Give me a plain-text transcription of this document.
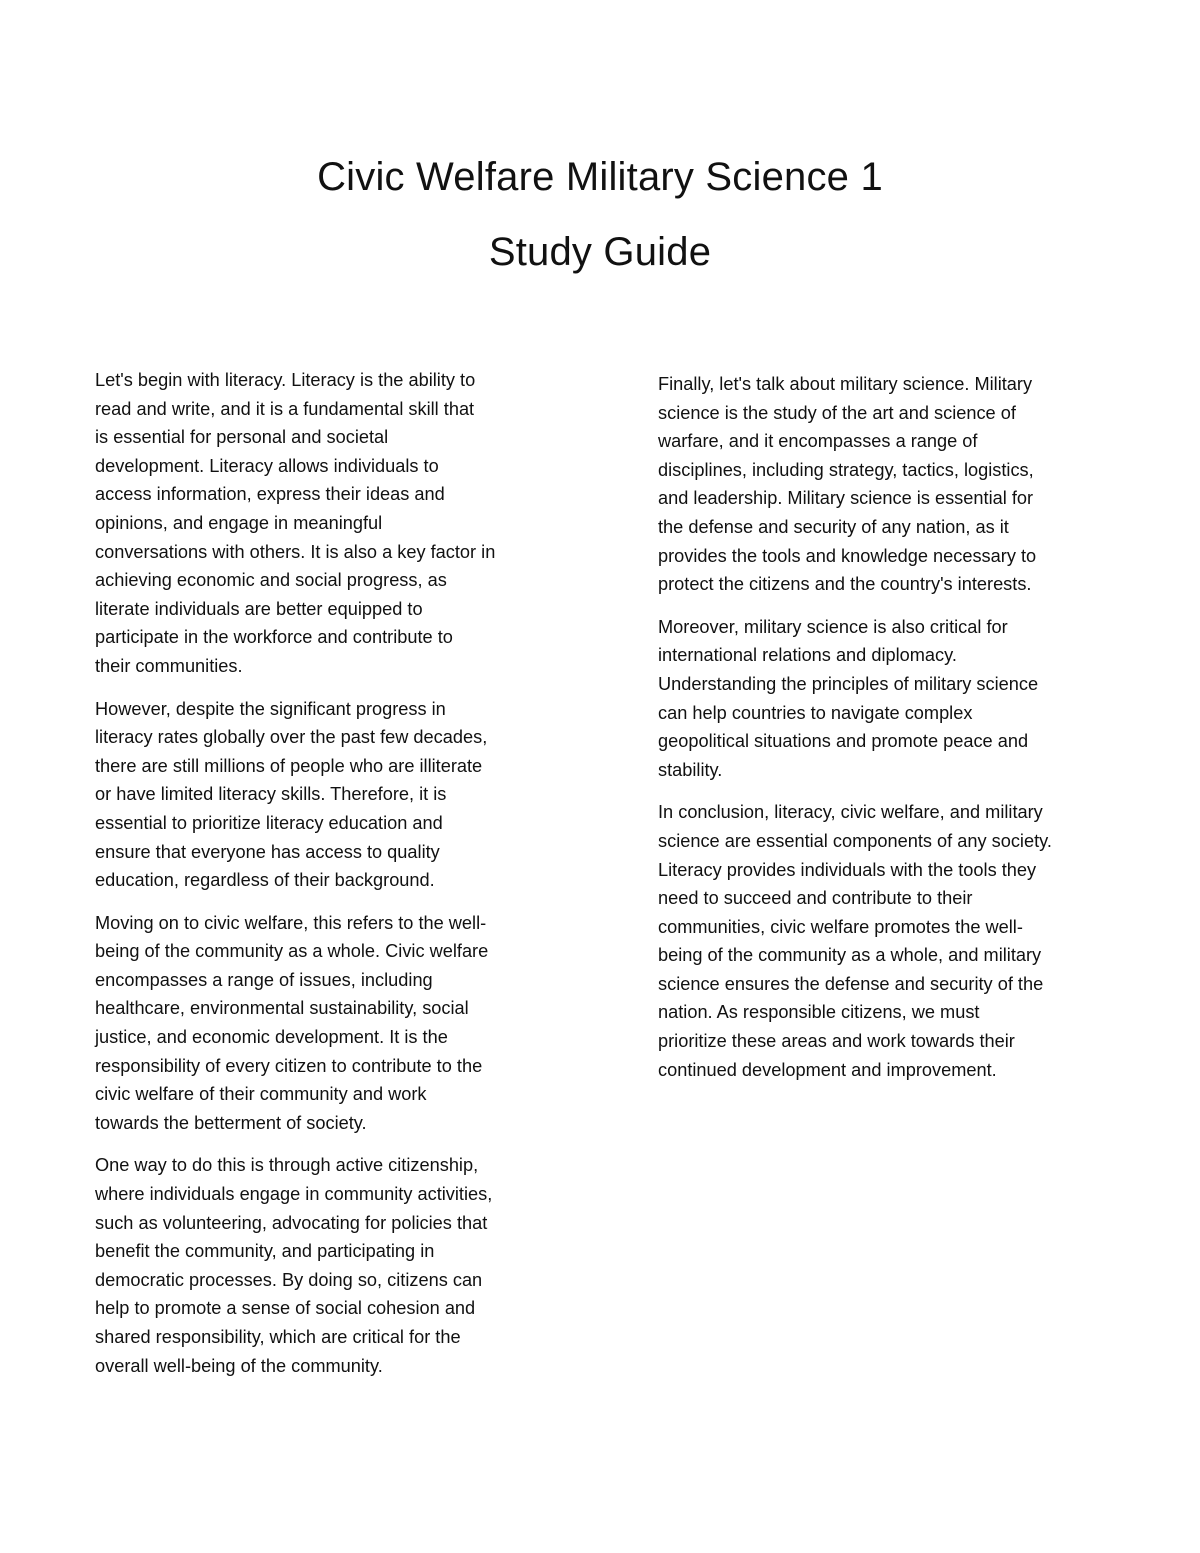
Civic Welfare Military Science 1
Study Guide

Let's begin with literacy. Literacy is the ability to
read and write, and it is a fundamental skill that
is essential for personal and societal
development. Literacy allows individuals to
access information, express their ideas and
opinions, and engage in meaningful
conversations with others. It is also a key factor in
achieving economic and social progress, as
literate individuals are better equipped to
participate in the workforce and contribute to
their communities.

However, despite the significant progress in
literacy rates globally over the past few decades,
there are still millions of people who are illiterate
or have limited literacy skills. Therefore, it is
essential to prioritize literacy education and
ensure that everyone has access to quality
education, regardless of their background.

Moving on to civic welfare, this refers to the well-
being of the community as a whole. Civic welfare
encompasses a range of issues, including
healthcare, environmental sustainability, social
justice, and economic development. It is the
responsibility of every citizen to contribute to the
civic welfare of their community and work
towards the betterment of society.

One way to do this is through active citizenship,
where individuals engage in community activities,
such as volunteering, advocating for policies that
benefit the community, and participating in
democratic processes. By doing so, citizens can
help to promote a sense of social cohesion and
shared responsibility, which are critical for the
overall well-being of the community.

Finally, let's talk about military science. Military
science is the study of the art and science of
warfare, and it encompasses a range of
disciplines, including strategy, tactics, logistics,
and leadership. Military science is essential for
the defense and security of any nation, as it
provides the tools and knowledge necessary to
protect the citizens and the country's interests.

Moreover, military science is also critical for
international relations and diplomacy.
Understanding the principles of military science
can help countries to navigate complex
geopolitical situations and promote peace and
stability.

In conclusion, literacy, civic welfare, and military
science are essential components of any society.
Literacy provides individuals with the tools they
need to succeed and contribute to their
communities, civic welfare promotes the well-
being of the community as a whole, and military
science ensures the defense and security of the
nation. As responsible citizens, we must
prioritize these areas and work towards their
continued development and improvement.
